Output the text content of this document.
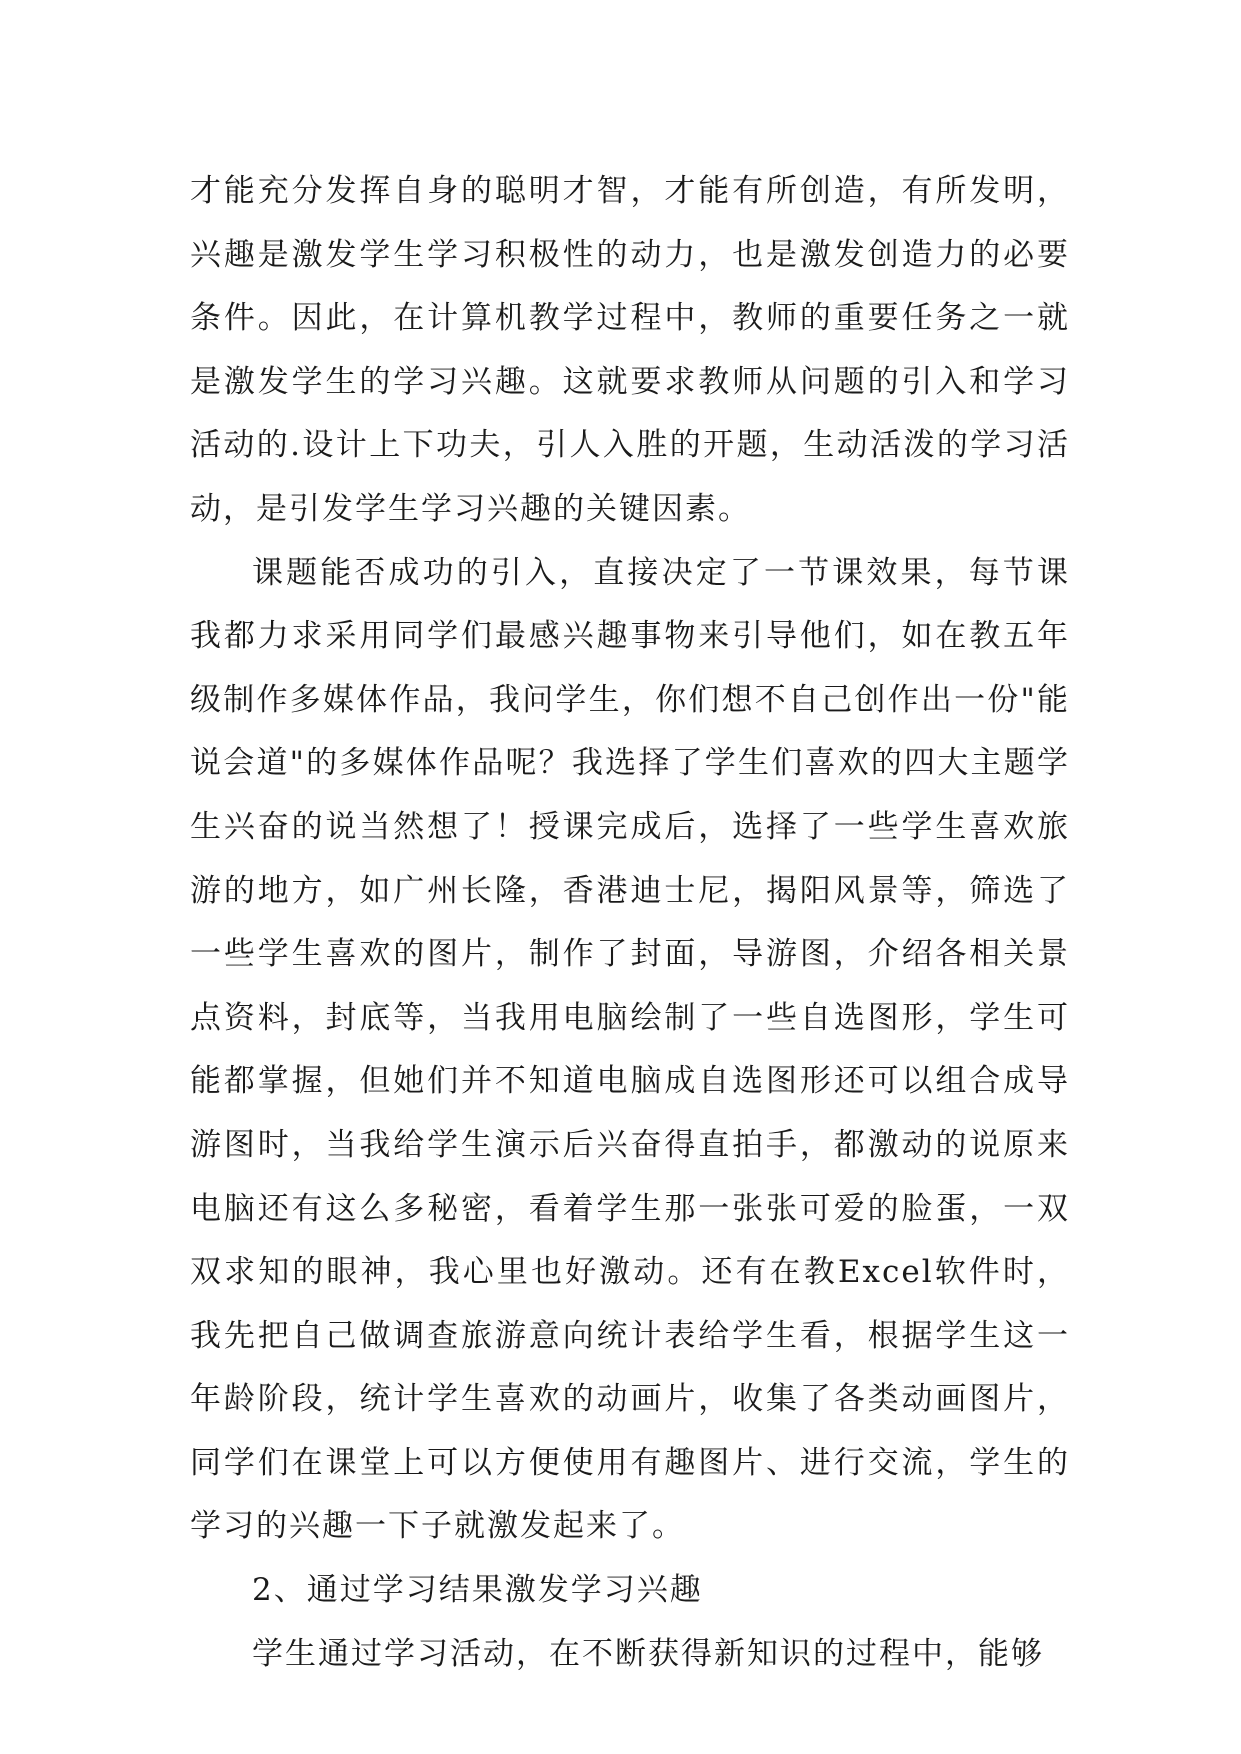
才能充分发挥自身的聪明才智，才能有所创造，有所发明，兴趣是激发学生学习积极性的动力，也是激发创造力的必要条件。因此，在计算机教学过程中，教师的重要任务之一就是激发学生的学习兴趣。这就要求教师从问题的引入和学习活动的.设计上下功夫，引人入胜的开题，生动活泼的学习活动，是引发学生学习兴趣的关键因素。

课题能否成功的引入，直接决定了一节课效果，每节课我都力求采用同学们最感兴趣事物来引导他们，如在教五年级制作多媒体作品，我问学生，你们想不自己创作出一份"能说会道"的多媒体作品呢？我选择了学生们喜欢的四大主题学生兴奋的说当然想了！授课完成后，选择了一些学生喜欢旅游的地方，如广州长隆，香港迪士尼，揭阳风景等，筛选了一些学生喜欢的图片，制作了封面，导游图，介绍各相关景点资料，封底等，当我用电脑绘制了一些自选图形，学生可能都掌握，但她们并不知道电脑成自选图形还可以组合成导游图时，当我给学生演示后兴奋得直拍手，都激动的说原来电脑还有这么多秘密，看着学生那一张张可爱的脸蛋，一双双求知的眼神，我心里也好激动。还有在教Excel软件时，我先把自己做调查旅游意向统计表给学生看，根据学生这一年龄阶段，统计学生喜欢的动画片，收集了各类动画图片，同学们在课堂上可以方便使用有趣图片、进行交流，学生的学习的兴趣一下子就激发起来了。

2、通过学习结果激发学习兴趣

学生通过学习活动，在不断获得新知识的过程中，能够
